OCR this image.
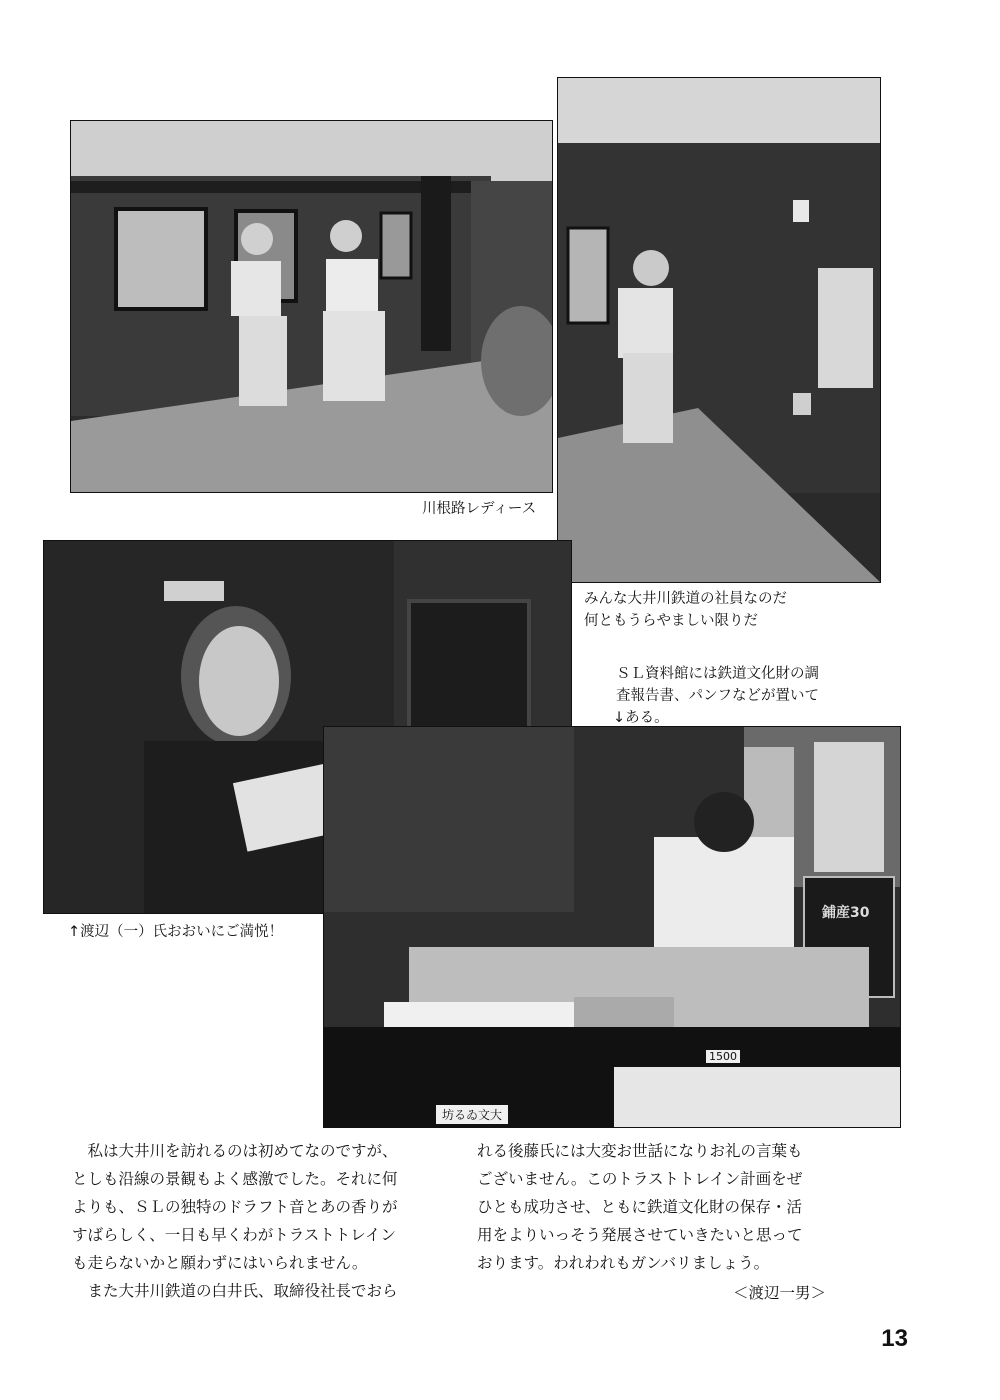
鋪産30
1500
坊るゐ文大
川根路レディース
みんな大井川鉄道の社員なのだ
何ともうらやましい限りだ
ＳＬ資料館には鉄道文化財の調
査報告書、パンフなどが置いて
↓ある。
↑渡辺（一）氏おおいにご満悦！

　私は大井川を訪れるのは初めてなのですが、

としも沿線の景観もよく感激でした。それに何

よりも、ＳＬの独特のドラフト音とあの香りが

すばらしく、一日も早くわがトラストトレイン

も走らないかと願わずにはいられません。

　また大井川鉄道の白井氏、取締役社長でおら

れる後藤氏には大変お世話になりお礼の言葉も

ございません。このトラストトレイン計画をぜ

ひとも成功させ、ともに鉄道文化財の保存・活

用をよりいっそう発展させていきたいと思って

おります。われわれもガンバリましょう。

＜渡辺一男＞
13
